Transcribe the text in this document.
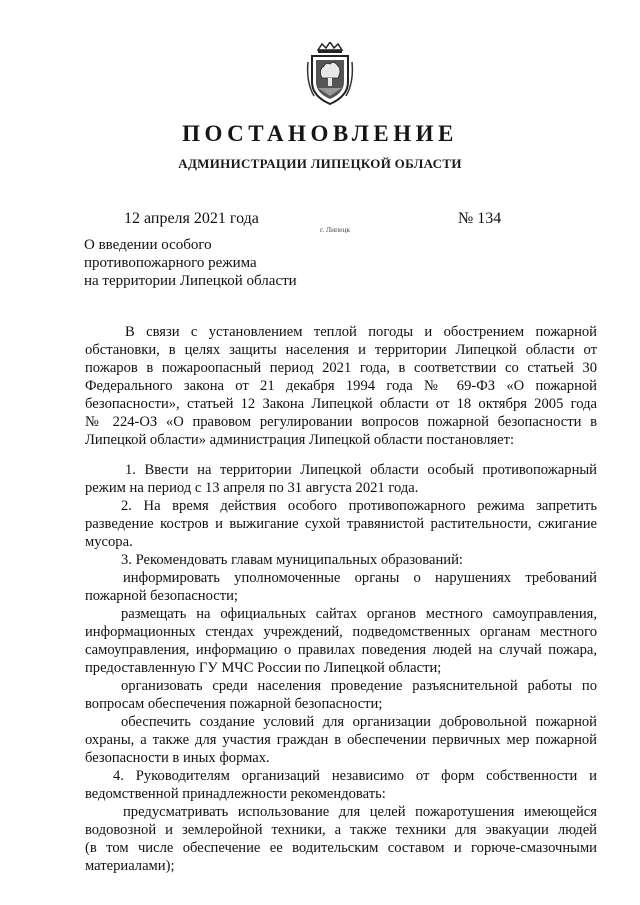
ПОСТАНОВЛЕНИЕ
АДМИНИСТРАЦИИ ЛИПЕЦКОЙ ОБЛАСТИ
12 апреля 2021 года
г. Липецк
№ 134
О введении особого
противопожарного режима
на территории Липецкой области
В связи с установлением теплой погоды и обострением пожарной
обстановки, в целях защиты населения и территории Липецкой области от
пожаров в пожароопасный период 2021 года, в соответствии со статьей 30
Федерального закона от 21 декабря 1994 года № 69-ФЗ «О пожарной
безопасности», статьей 12 Закона Липецкой области от 18 октября 2005 года
№ 224-ОЗ «О правовом регулировании вопросов пожарной безопасности в
Липецкой области» администрация Липецкой области постановляет:
1. Ввести на территории Липецкой области особый противопожарный
режим на период с 13 апреля по 31 августа 2021 года.
2. На время действия особого противопожарного режима запретить
разведение костров и выжигание сухой травянистой растительности, сжигание
мусора.
3. Рекомендовать главам муниципальных образований:
информировать уполномоченные органы о нарушениях требований
пожарной безопасности;
размещать на официальных сайтах органов местного самоуправления,
информационных стендах учреждений, подведомственных органам местного
самоуправления, информацию о правилах поведения людей на случай пожара,
предоставленную ГУ МЧС России по Липецкой области;
организовать среди населения проведение разъяснительной работы по
вопросам обеспечения пожарной безопасности;
обеспечить создание условий для организации добровольной пожарной
охраны, а также для участия граждан в обеспечении первичных мер пожарной
безопасности в иных формах.
4. Руководителям организаций независимо от форм собственности и
ведомственной принадлежности рекомендовать:
предусматривать использование для целей пожаротушения имеющейся
водовозной и землеройной техники, а также техники для эвакуации людей
(в том числе обеспечение ее водительским составом и горюче-смазочными
материалами);
